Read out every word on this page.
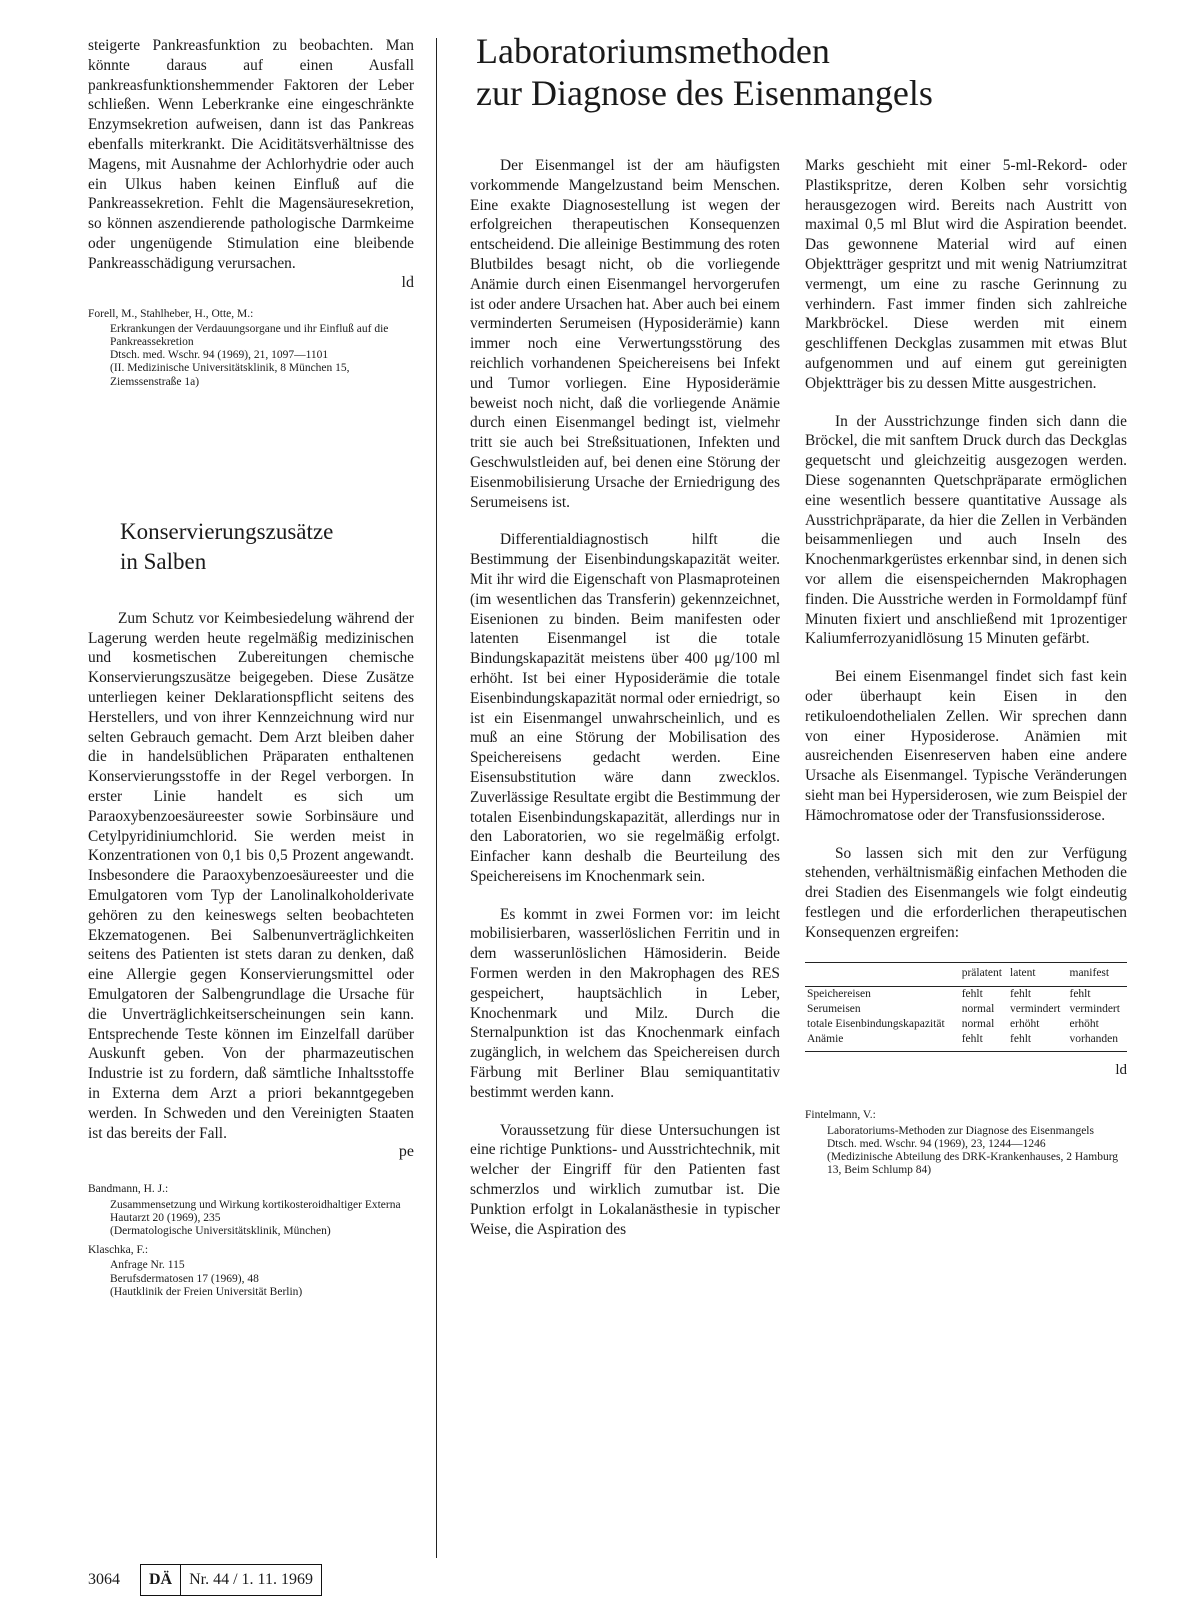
steigerte Pankreasfunktion zu beobachten. Man könnte daraus auf einen Ausfall pankreasfunktionshemmender Faktoren der Leber schließen. Wenn Leberkranke eine eingeschränkte Enzymsekretion aufweisen, dann ist das Pankreas ebenfalls miterkrankt. Die Aciditätsverhältnisse des Magens, mit Ausnahme der Achlorhydrie oder auch ein Ulkus haben keinen Einfluß auf die Pankreassekretion. Fehlt die Magensäuresekretion, so können aszendierende pathologische Darmkeime oder ungenügende Stimulation eine bleibende Pankreasschädigung verursachen.

ld
Forell, M., Stahlheber, H., Otte, M.:
Erkrankungen der Verdauungsorgane und ihr Einfluß auf die Pankreassekretion
Dtsch. med. Wschr. 94 (1969), 21, 1097—1101
(II. Medizinische Universitätsklinik, 8 München 15, Ziemssenstraße 1a)
Konservierungszusätze
in Salben

Zum Schutz vor Keimbesiedelung während der Lagerung werden heute regelmäßig medizinischen und kosmetischen Zubereitungen chemische Konservierungszusätze beigegeben. Diese Zusätze unterliegen keiner Deklarationspflicht seitens des Herstellers, und von ihrer Kennzeichnung wird nur selten Gebrauch gemacht. Dem Arzt bleiben daher die in handelsüblichen Präparaten enthaltenen Konservierungsstoffe in der Regel verborgen. In erster Linie handelt es sich um Paraoxybenzoesäureester sowie Sorbinsäure und Cetylpyridiniumchlorid. Sie werden meist in Konzentrationen von 0,1 bis 0,5 Prozent angewandt. Insbesondere die Paraoxybenzoesäureester und die Emulgatoren vom Typ der Lanolinalkoholderivate gehören zu den keineswegs selten beobachteten Ekzematogenen. Bei Salbenunverträglichkeiten seitens des Patienten ist stets daran zu denken, daß eine Allergie gegen Konservierungsmittel oder Emulgatoren der Salbengrundlage die Ursache für die Unverträglichkeitserscheinungen sein kann. Entsprechende Teste können im Einzelfall darüber Auskunft geben. Von der pharmazeutischen Industrie ist zu fordern, daß sämtliche Inhaltsstoffe in Externa dem Arzt a priori bekanntgegeben werden. In Schweden und den Vereinigten Staaten ist das bereits der Fall.

pe
Bandmann, H. J.:
Zusammensetzung und Wirkung kortikosteroidhaltiger Externa
Hautarzt 20 (1969), 235
(Dermatologische Universitätsklinik, München)
Klaschka, F.:
Anfrage Nr. 115
Berufsdermatosen 17 (1969), 48
(Hautklinik der Freien Universität Berlin)
Laboratoriumsmethoden
zur Diagnose des Eisenmangels

Der Eisenmangel ist der am häufigsten vorkommende Mangelzustand beim Menschen. Eine exakte Diagnosestellung ist wegen der erfolgreichen therapeutischen Konsequenzen entscheidend. Die alleinige Bestimmung des roten Blutbildes besagt nicht, ob die vorliegende Anämie durch einen Eisenmangel hervorgerufen ist oder andere Ursachen hat. Aber auch bei einem verminderten Serumeisen (Hyposiderämie) kann immer noch eine Verwertungsstörung des reichlich vorhandenen Speichereisens bei Infekt und Tumor vorliegen. Eine Hyposiderämie beweist noch nicht, daß die vorliegende Anämie durch einen Eisenmangel bedingt ist, vielmehr tritt sie auch bei Streßsituationen, Infekten und Geschwulstleiden auf, bei denen eine Störung der Eisenmobilisierung Ursache der Erniedrigung des Serumeisens ist.

Differentialdiagnostisch hilft die Bestimmung der Eisenbindungskapazität weiter. Mit ihr wird die Eigenschaft von Plasmaproteinen (im wesentlichen das Transferin) gekennzeichnet, Eisenionen zu binden. Beim manifesten oder latenten Eisenmangel ist die totale Bindungskapazität meistens über 400 μg/100 ml erhöht. Ist bei einer Hyposiderämie die totale Eisenbindungskapazität normal oder erniedrigt, so ist ein Eisenmangel unwahrscheinlich, und es muß an eine Störung der Mobilisation des Speichereisens gedacht werden. Eine Eisensubstitution wäre dann zwecklos. Zuverlässige Resultate ergibt die Bestimmung der totalen Eisenbindungskapazität, allerdings nur in den Laboratorien, wo sie regelmäßig erfolgt. Einfacher kann deshalb die Beurteilung des Speichereisens im Knochenmark sein.

Es kommt in zwei Formen vor: im leicht mobilisierbaren, wasserlöslichen Ferritin und in dem wasserunlöslichen Hämosiderin. Beide Formen werden in den Makrophagen des RES gespeichert, hauptsächlich in Leber, Knochenmark und Milz. Durch die Sternalpunktion ist das Knochenmark einfach zugänglich, in welchem das Speichereisen durch Färbung mit Berliner Blau semiquantitativ bestimmt werden kann.

Voraussetzung für diese Untersuchungen ist eine richtige Punktions- und Ausstrichtechnik, mit welcher der Eingriff für den Patienten fast schmerzlos und wirklich zumutbar ist. Die Punktion erfolgt in Lokalanästhesie in typischer Weise, die Aspiration des

Marks geschieht mit einer 5-ml-Rekord- oder Plastikspritze, deren Kolben sehr vorsichtig herausgezogen wird. Bereits nach Austritt von maximal 0,5 ml Blut wird die Aspiration beendet. Das gewonnene Material wird auf einen Objektträger gespritzt und mit wenig Natriumzitrat vermengt, um eine zu rasche Gerinnung zu verhindern. Fast immer finden sich zahlreiche Markbröckel. Diese werden mit einem geschliffenen Deckglas zusammen mit etwas Blut aufgenommen und auf einem gut gereinigten Objektträger bis zu dessen Mitte ausgestrichen.

In der Ausstrichzunge finden sich dann die Bröckel, die mit sanftem Druck durch das Deckglas gequetscht und gleichzeitig ausgezogen werden. Diese sogenannten Quetschpräparate ermöglichen eine wesentlich bessere quantitative Aussage als Ausstrichpräparate, da hier die Zellen in Verbänden beisammenliegen und auch Inseln des Knochenmarkgerüstes erkennbar sind, in denen sich vor allem die eisenspeichernden Makrophagen finden. Die Ausstriche werden in Formoldampf fünf Minuten fixiert und anschließend mit 1prozentiger Kaliumferrozyanidlösung 15 Minuten gefärbt.

Bei einem Eisenmangel findet sich fast kein oder überhaupt kein Eisen in den retikuloendothelialen Zellen. Wir sprechen dann von einer Hyposiderose. Anämien mit ausreichenden Eisenreserven haben eine andere Ursache als Eisenmangel. Typische Veränderungen sieht man bei Hypersiderosen, wie zum Beispiel der Hämochromatose oder der Transfusionssiderose.

So lassen sich mit den zur Verfügung stehenden, verhältnismäßig einfachen Methoden die drei Stadien des Eisenmangels wie folgt eindeutig festlegen und die erforderlichen therapeutischen Konsequenzen ergreifen:

	prälatent	latent	manifest
Speichereisen	fehlt	fehlt	fehlt
Serumeisen	normal	vermindert	vermindert
totale Eisenbindungskapazität	normal	erhöht	erhöht
Anämie	fehlt	fehlt	vorhanden

ld

Fintelmann, V.:
Laboratoriums-Methoden zur Diagnose des Eisenmangels
Dtsch. med. Wschr. 94 (1969), 23, 1244—1246
(Medizinische Abteilung des DRK-Krankenhauses, 2 Hamburg 13, Beim Schlump 84)
3064	DÄ	Nr. 44 / 1. 11. 1969
